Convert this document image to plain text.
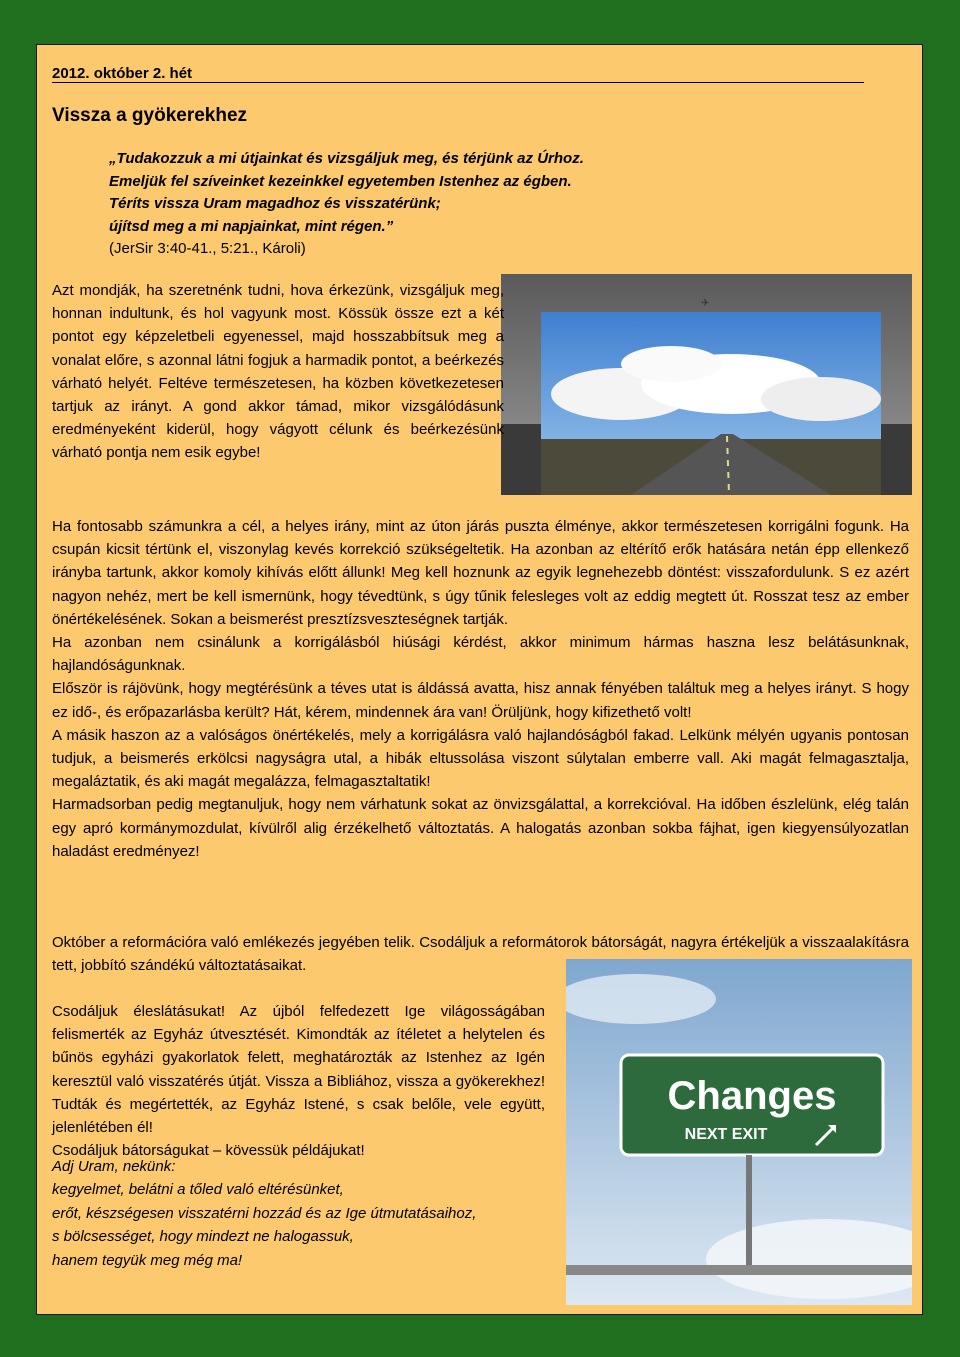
2012. október 2. hét
Vissza a gyökerekhez
„Tudakozzuk a mi útjainkat és vizsgáljuk meg, és térjünk az Úrhoz.
Emeljük fel szíveinket kezeinkkel egyetemben Istenhez az égben.
Téríts vissza Uram magadhoz és visszatérünk;
újítsd meg a mi napjainkat, mint régen.”
(JerSir 3:40-41., 5:21., Károli)
✈
Azt mondják, ha szeretnénk tudni, hova érkezünk, vizsgáljuk meg, honnan indultunk, és hol vagyunk most. Kössük össze ezt a két pontot egy képzeletbeli egyenessel, majd hosszabbítsuk meg a vonalat előre, s azonnal látni fogjuk a harmadik pontot, a beérkezés várható helyét. Feltéve természetesen, ha közben következetesen tartjuk az irányt. A gond akkor támad, mikor vizsgálódásunk eredményeként kiderül, hogy vágyott célunk és beérkezésünk várható pontja nem esik egybe!

Ha fontosabb számunkra a cél, a helyes irány, mint az úton járás puszta élménye, akkor természetesen korrigálni fogunk. Ha csupán kicsit tértünk el, viszonylag kevés korrekció szükségeltetik. Ha azonban az eltérítő erők hatására netán épp ellenkező irányba tartunk, akkor komoly kihívás előtt állunk! Meg kell hoznunk az egyik legnehezebb döntést: visszafordulunk. S ez azért nagyon nehéz, mert be kell ismernünk, hogy tévedtünk, s úgy tűnik felesleges volt az eddig megtett út. Rosszat tesz az ember önértékelésének. Sokan a beismerést presztízsveszteségnek tartják.

Ha azonban nem csinálunk a korrigálásból hiúsági kérdést, akkor minimum hármas haszna lesz belátásunknak, hajlandóságunknak.

Először is rájövünk, hogy megtérésünk a téves utat is áldássá avatta, hisz annak fényében találtuk meg a helyes irányt. S hogy ez idő-, és erőpazarlásba került? Hát, kérem, mindennek ára van! Örüljünk, hogy kifizethető volt!

A másik haszon az a valóságos önértékelés, mely a korrigálásra való hajlandóságból fakad. Lelkünk mélyén ugyanis pontosan tudjuk, a beismerés erkölcsi nagyságra utal, a hibák eltussolása viszont súlytalan emberre vall. Aki magát felmagasztalja, megaláztatik, és aki magát megalázza, felmagasztaltatik!

Harmadsorban pedig megtanuljuk, hogy nem várhatunk sokat az önvizsgálattal, a korrekcióval. Ha időben észlelünk, elég talán egy apró kormánymozdulat, kívülről alig érzékelhető változtatás. A halogatás azonban sokba fájhat, igen kiegyensúlyozatlan haladást eredményez!

Október a reformációra való emlékezés jegyében telik. Csodáljuk a reformátorok bátorságát, nagyra értékeljük a visszaalakításra tett, jobbító szándékú változtatásaikat.

Csodáljuk éleslátásukat! Az újból felfedezett Ige világosságában felismerték az Egyház útvesztését. Kimondták az ítéletet a helytelen és bűnös egyházi gyakorlatok felett, meghatározták az Istenhez az Igén keresztül való visszatérés útját. Vissza a Bibliához, vissza a gyökerekhez! Tudták és megértették, az Egyház Istené, s csak belőle, vele együtt, jelenlétében él!

Csodáljuk bátorságukat – kövessük példájukat!

Changes
NEXT EXIT
Adj Uram, nekünk:
kegyelmet, belátni a tőled való eltérésünket,
erőt, készségesen visszatérni hozzád és az Ige útmutatásaihoz,
s bölcsességet, hogy mindezt ne halogassuk,
hanem tegyük meg még ma!
